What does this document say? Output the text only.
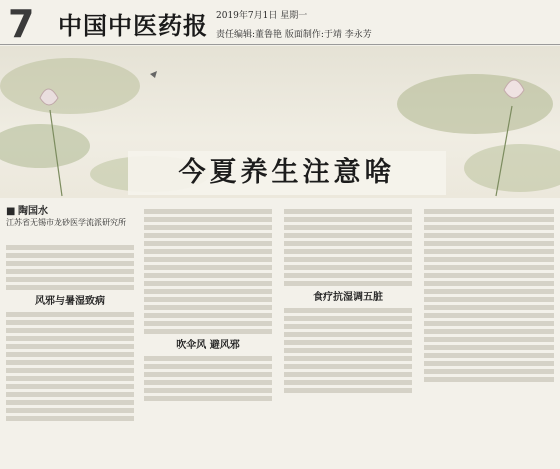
7 中国中医药报 2019年7月1日 星期一
责任编辑:董鲁艳 版面制作:于靖 李永芳
今夏养生注意啥
■ 陶国水
江苏省无锡市龙砂医学流派研究所
风邪与暑湿致病
吹伞风 避风邪
食疗抗湿调五脏
